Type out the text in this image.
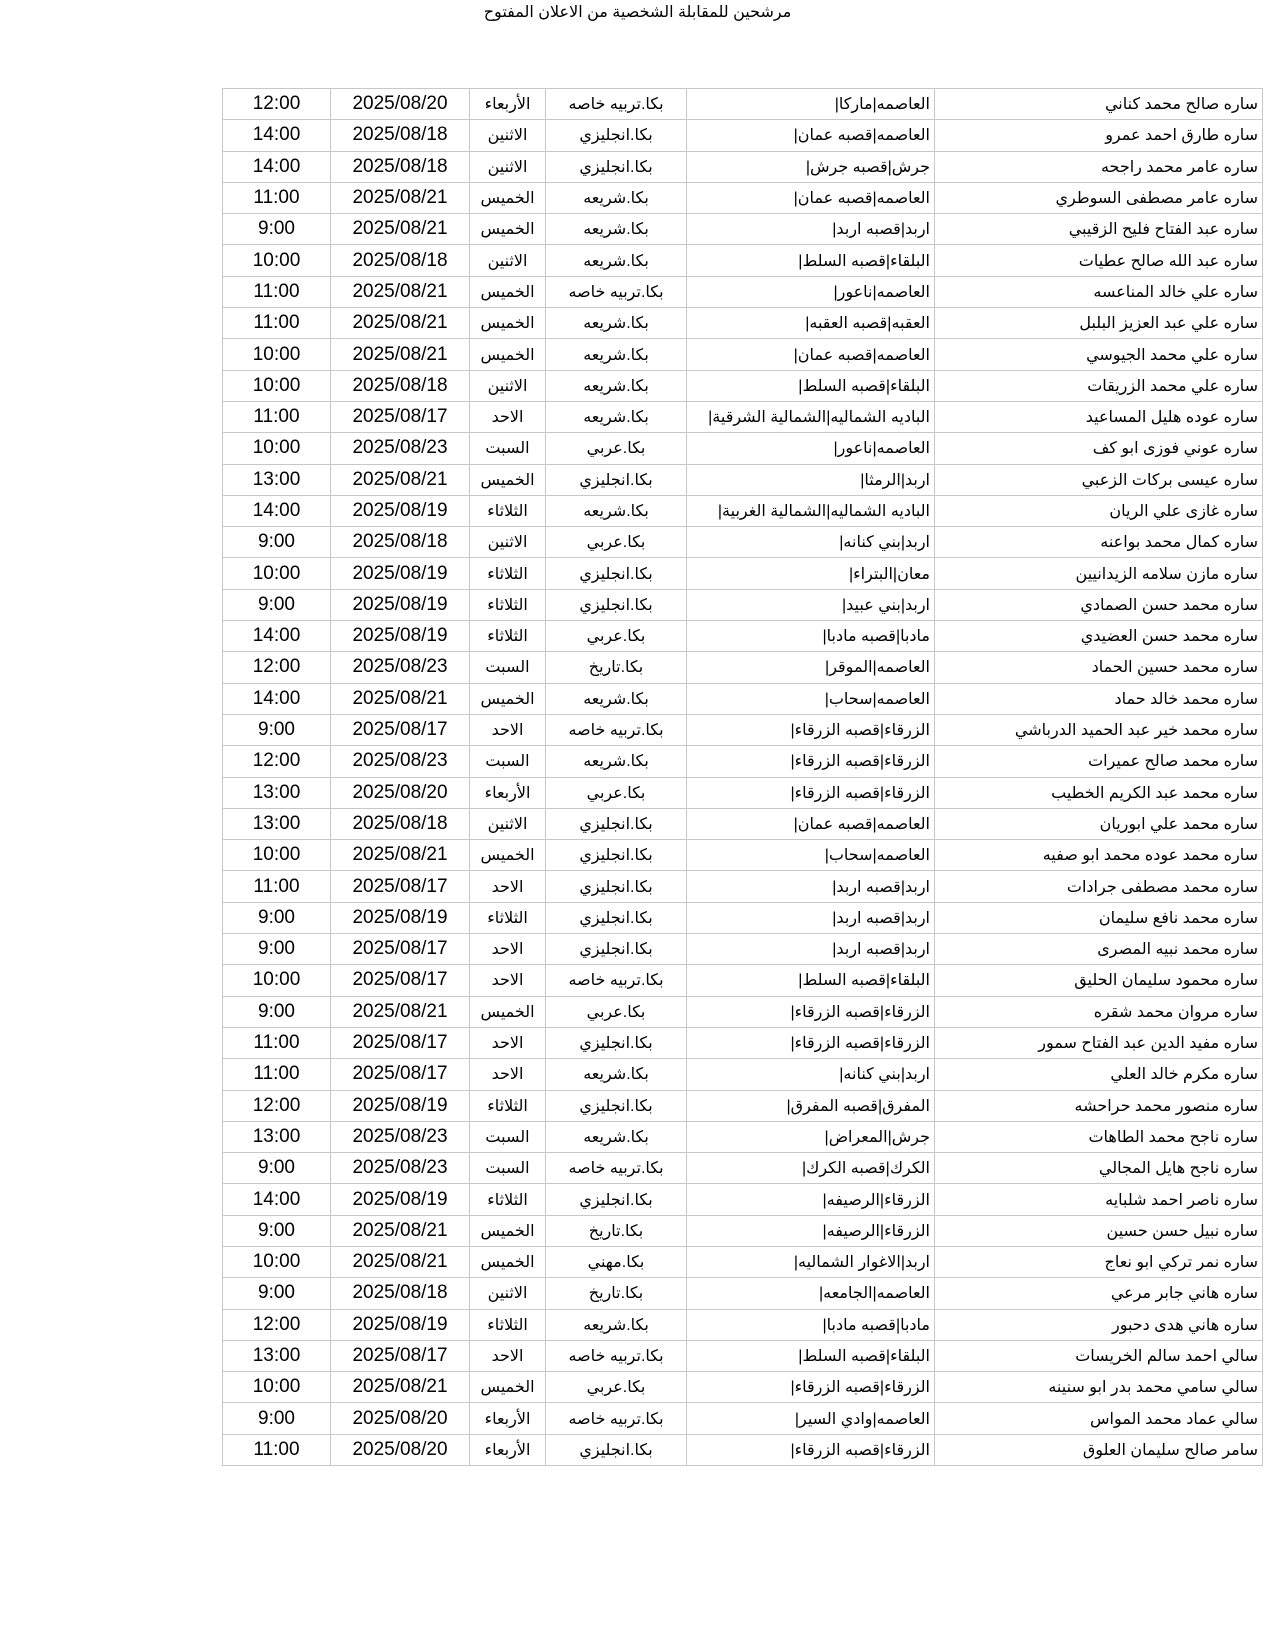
مرشحين للمقابلة الشخصية من الاعلان المفتوح
12:00	2025/08/20	الأربعاء	بكا.تربيه خاصه	العاصمه|ماركا|	ساره صالح محمد كناني
14:00	2025/08/18	الاثنين	بكا.انجليزي	العاصمه|قصبه عمان|	ساره طارق احمد عمرو
14:00	2025/08/18	الاثنين	بكا.انجليزي	جرش|قصبه جرش|	ساره عامر محمد راجحه
11:00	2025/08/21	الخميس	بكا.شريعه	العاصمه|قصبه عمان|	ساره عامر مصطفى السوطري
9:00	2025/08/21	الخميس	بكا.شريعه	اربد|قصبه اربد|	ساره عبد الفتاح فليح الزقيبي
10:00	2025/08/18	الاثنين	بكا.شريعه	البلقاء|قصبه السلط|	ساره عبد الله صالح عطيات
11:00	2025/08/21	الخميس	بكا.تربيه خاصه	العاصمه|ناعور|	ساره علي خالد المناعسه
11:00	2025/08/21	الخميس	بكا.شريعه	العقبه|قصبه العقبه|	ساره علي عبد العزيز البلبل
10:00	2025/08/21	الخميس	بكا.شريعه	العاصمه|قصبه عمان|	ساره علي محمد الجيوسي
10:00	2025/08/18	الاثنين	بكا.شريعه	البلقاء|قصبه السلط|	ساره علي محمد الزريقات
11:00	2025/08/17	الاحد	بكا.شريعه	الباديه الشماليه|الشمالية الشرقية|	ساره عوده هليل المساعيد
10:00	2025/08/23	السبت	بكا.عربي	العاصمه|ناعور|	ساره عوني فوزى ابو كف
13:00	2025/08/21	الخميس	بكا.انجليزي	اربد|الرمثا|	ساره عيسى بركات الزعبي
14:00	2025/08/19	الثلاثاء	بكا.شريعه	الباديه الشماليه|الشمالية الغربية|	ساره غازى علي الريان
9:00	2025/08/18	الاثنين	بكا.عربي	اربد|بني كنانه|	ساره كمال محمد بواعنه
10:00	2025/08/19	الثلاثاء	بكا.انجليزي	معان|البتراء|	ساره مازن سلامه الزيدانيين
9:00	2025/08/19	الثلاثاء	بكا.انجليزي	اربد|بني عبيد|	ساره محمد حسن الصمادي
14:00	2025/08/19	الثلاثاء	بكا.عربي	مادبا|قصبه مادبا|	ساره محمد حسن العضيدي
12:00	2025/08/23	السبت	بكا.تاريخ	العاصمه|الموقر|	ساره محمد حسين الحماد
14:00	2025/08/21	الخميس	بكا.شريعه	العاصمه|سحاب|	ساره محمد خالد حماد
9:00	2025/08/17	الاحد	بكا.تربيه خاصه	الزرقاء|قصبه الزرقاء|	ساره محمد خير عبد الحميد الدرباشي
12:00	2025/08/23	السبت	بكا.شريعه	الزرقاء|قصبه الزرقاء|	ساره محمد صالح عميرات
13:00	2025/08/20	الأربعاء	بكا.عربي	الزرقاء|قصبه الزرقاء|	ساره محمد عبد الكريم الخطيب
13:00	2025/08/18	الاثنين	بكا.انجليزي	العاصمه|قصبه عمان|	ساره محمد علي ابوريان
10:00	2025/08/21	الخميس	بكا.انجليزي	العاصمه|سحاب|	ساره محمد عوده محمد ابو صفيه
11:00	2025/08/17	الاحد	بكا.انجليزي	اربد|قصبه اربد|	ساره محمد مصطفى جرادات
9:00	2025/08/19	الثلاثاء	بكا.انجليزي	اربد|قصبه اربد|	ساره محمد نافع سليمان
9:00	2025/08/17	الاحد	بكا.انجليزي	اربد|قصبه اربد|	ساره محمد نبيه المصرى
10:00	2025/08/17	الاحد	بكا.تربيه خاصه	البلقاء|قصبه السلط|	ساره محمود سليمان الحليق
9:00	2025/08/21	الخميس	بكا.عربي	الزرقاء|قصبه الزرقاء|	ساره مروان محمد شقره
11:00	2025/08/17	الاحد	بكا.انجليزي	الزرقاء|قصبه الزرقاء|	ساره مفيد الدين عبد الفتاح سمور
11:00	2025/08/17	الاحد	بكا.شريعه	اربد|بني كنانه|	ساره مكرم خالد العلي
12:00	2025/08/19	الثلاثاء	بكا.انجليزي	المفرق|قصبه المفرق|	ساره منصور محمد حراحشه
13:00	2025/08/23	السبت	بكا.شريعه	جرش|المعراض|	ساره ناجح محمد الطاهات
9:00	2025/08/23	السبت	بكا.تربيه خاصه	الكرك|قصبه الكرك|	ساره ناجح هايل المجالي
14:00	2025/08/19	الثلاثاء	بكا.انجليزي	الزرقاء|الرصيفه|	ساره ناصر احمد شلبايه
9:00	2025/08/21	الخميس	بكا.تاريخ	الزرقاء|الرصيفه|	ساره نبيل حسن حسين
10:00	2025/08/21	الخميس	بكا.مهني	اربد|الاغوار الشماليه|	ساره نمر تركي ابو نعاج
9:00	2025/08/18	الاثنين	بكا.تاريخ	العاصمه|الجامعه|	ساره هاني جابر مرعي
12:00	2025/08/19	الثلاثاء	بكا.شريعه	مادبا|قصبه مادبا|	ساره هاني هدى دحبور
13:00	2025/08/17	الاحد	بكا.تربيه خاصه	البلقاء|قصبه السلط|	سالي احمد سالم الخريسات
10:00	2025/08/21	الخميس	بكا.عربي	الزرقاء|قصبه الزرقاء|	سالي سامي محمد بدر ابو سنينه
9:00	2025/08/20	الأربعاء	بكا.تربيه خاصه	العاصمه|وادي السير|	سالي عماد محمد المواس
11:00	2025/08/20	الأربعاء	بكا.انجليزي	الزرقاء|قصبه الزرقاء|	سامر صالح سليمان العلوق
